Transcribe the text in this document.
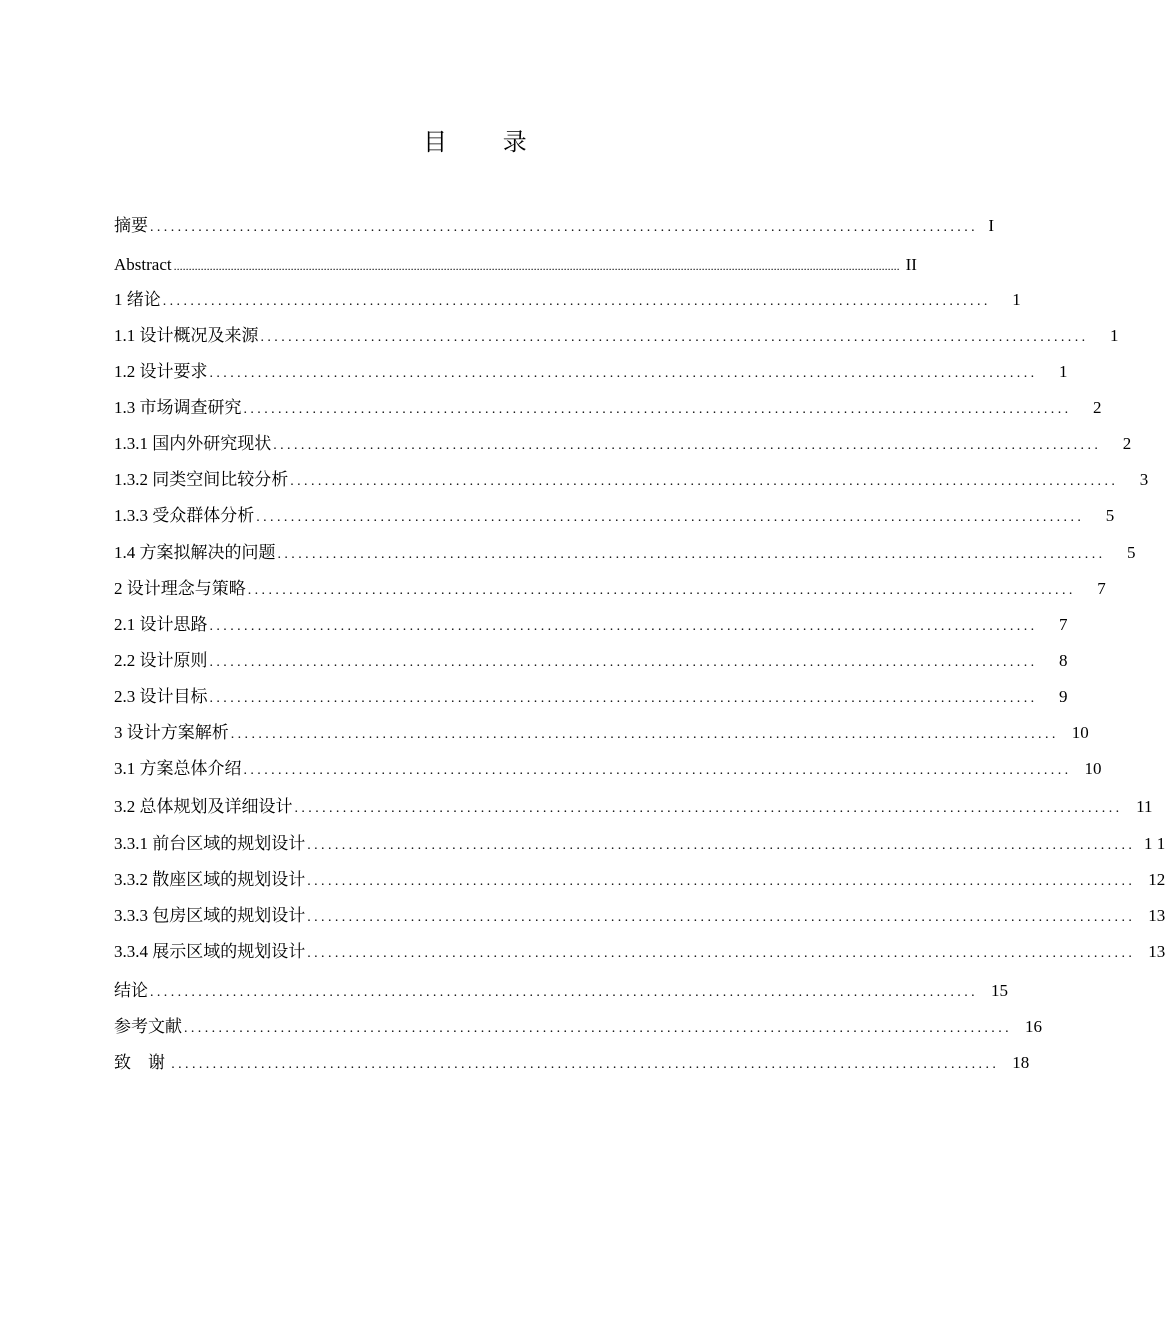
目 录
摘要 ........................................................................................................................ I
Abstract .................................................................................................................................................................................................................................................. II
1 绪论 ........................................................................................................................	1
1.1 设计概况及来源 ........................................................................................................................	1
1.2 设计要求 ........................................................................................................................	1
1.3 市场调查研究 ........................................................................................................................	2
1.3.1 国内外研究现状 ........................................................................................................................	2
1.3.2 同类空间比较分析 ........................................................................................................................	3
1.3.3 受众群体分析 ........................................................................................................................	5
1.4 方案拟解决的问题 ........................................................................................................................	5
2 设计理念与策略 ........................................................................................................................	7
2.1 设计思路 ........................................................................................................................	7
2.2 设计原则 ........................................................................................................................	8
2.3 设计目标 ........................................................................................................................	9
3 设计方案解析 ........................................................................................................................ 10
3.1 方案总体介绍 ........................................................................................................................ 10
3.2 总体规划及详细设计 ........................................................................................................................ 11
3.3.1 前台区域的规划设计 ........................................................................................................................ 1 1
3.3.2 散座区域的规划设计 ........................................................................................................................ 12
3.3.3 包房区域的规划设计 ........................................................................................................................ 13
3.3.4 展示区域的规划设计 ........................................................................................................................ 13
结论 ........................................................................................................................ 15
参考文献 ........................................................................................................................ 16
致    谢 ........................................................................................................................ 18
